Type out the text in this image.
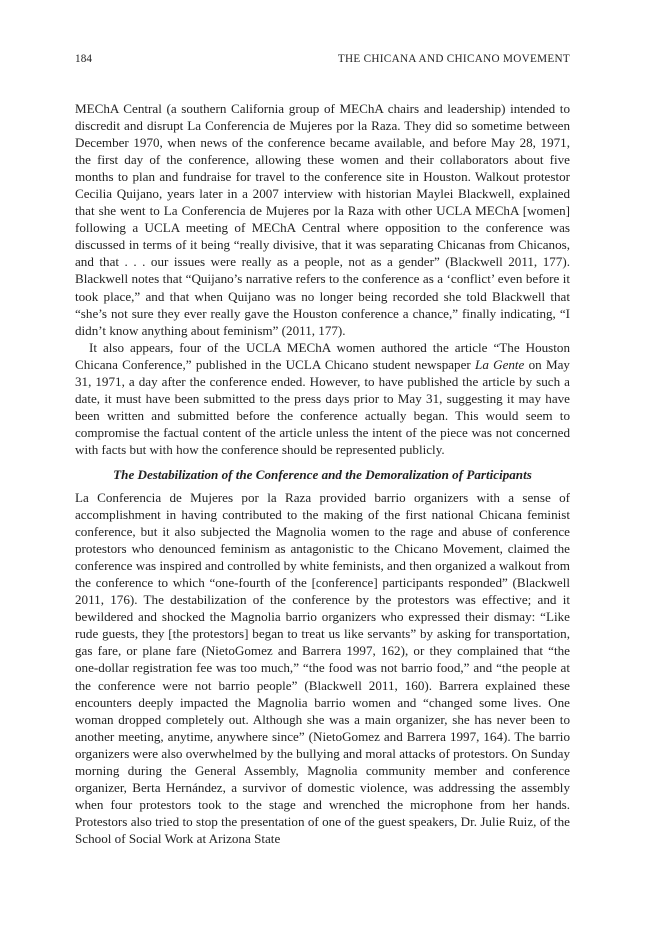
184	THE CHICANA AND CHICANO MOVEMENT

MEChA Central (a southern California group of MEChA chairs and leadership) intended to discredit and disrupt La Conferencia de Mujeres por la Raza. They did so sometime between December 1970, when news of the conference became available, and before May 28, 1971, the first day of the conference, allowing these women and their collaborators about five months to plan and fundraise for travel to the conference site in Houston. Walkout protestor Cecilia Quijano, years later in a 2007 interview with historian Maylei Blackwell, explained that she went to La Conferencia de Mujeres por la Raza with other UCLA MEChA [women] following a UCLA meeting of MEChA Central where opposition to the conference was discussed in terms of it being “really divisive, that it was separating Chicanas from Chicanos, and that . . . our issues were really as a people, not as a gender” (Blackwell 2011, 177). Blackwell notes that “Quijano’s narrative refers to the conference as a ‘conflict’ even before it took place,” and that when Quijano was no longer being recorded she told Blackwell that “she’s not sure they ever really gave the Houston conference a chance,” finally indicating, “I didn’t know anything about feminism” (2011, 177).

It also appears, four of the UCLA MEChA women authored the article “The Houston Chicana Conference,” published in the UCLA Chicano student newspaper La Gente on May 31, 1971, a day after the conference ended. However, to have published the article by such a date, it must have been submitted to the press days prior to May 31, suggesting it may have been written and submitted before the conference actually began. This would seem to compromise the factual content of the article unless the intent of the piece was not concerned with facts but with how the conference should be represented publicly.

The Destabilization of the Conference and the Demoralization of Participants

La Conferencia de Mujeres por la Raza provided barrio organizers with a sense of accomplishment in having contributed to the making of the first national Chicana feminist conference, but it also subjected the Magnolia women to the rage and abuse of conference protestors who denounced feminism as antagonistic to the Chicano Movement, claimed the conference was inspired and controlled by white feminists, and then organized a walkout from the conference to which “one-fourth of the [conference] participants responded” (Blackwell 2011, 176). The destabilization of the conference by the protestors was effective; and it bewildered and shocked the Magnolia barrio organizers who expressed their dismay: “Like rude guests, they [the protestors] began to treat us like servants” by asking for transportation, gas fare, or plane fare (NietoGomez and Barrera 1997, 162), or they complained that “the one-dollar registration fee was too much,” “the food was not barrio food,” and “the people at the conference were not barrio people” (Blackwell 2011, 160). Barrera explained these encounters deeply impacted the Magnolia barrio women and “changed some lives. One woman dropped completely out. Although she was a main organizer, she has never been to another meeting, anytime, anywhere since” (NietoGomez and Barrera 1997, 164). The barrio organizers were also overwhelmed by the bullying and moral attacks of protestors. On Sunday morning during the General Assembly, Magnolia community member and conference organizer, Berta Hernández, a survivor of domestic violence, was addressing the assembly when four protestors took to the stage and wrenched the microphone from her hands. Protestors also tried to stop the presentation of one of the guest speakers, Dr. Julie Ruiz, of the School of Social Work at Arizona State
